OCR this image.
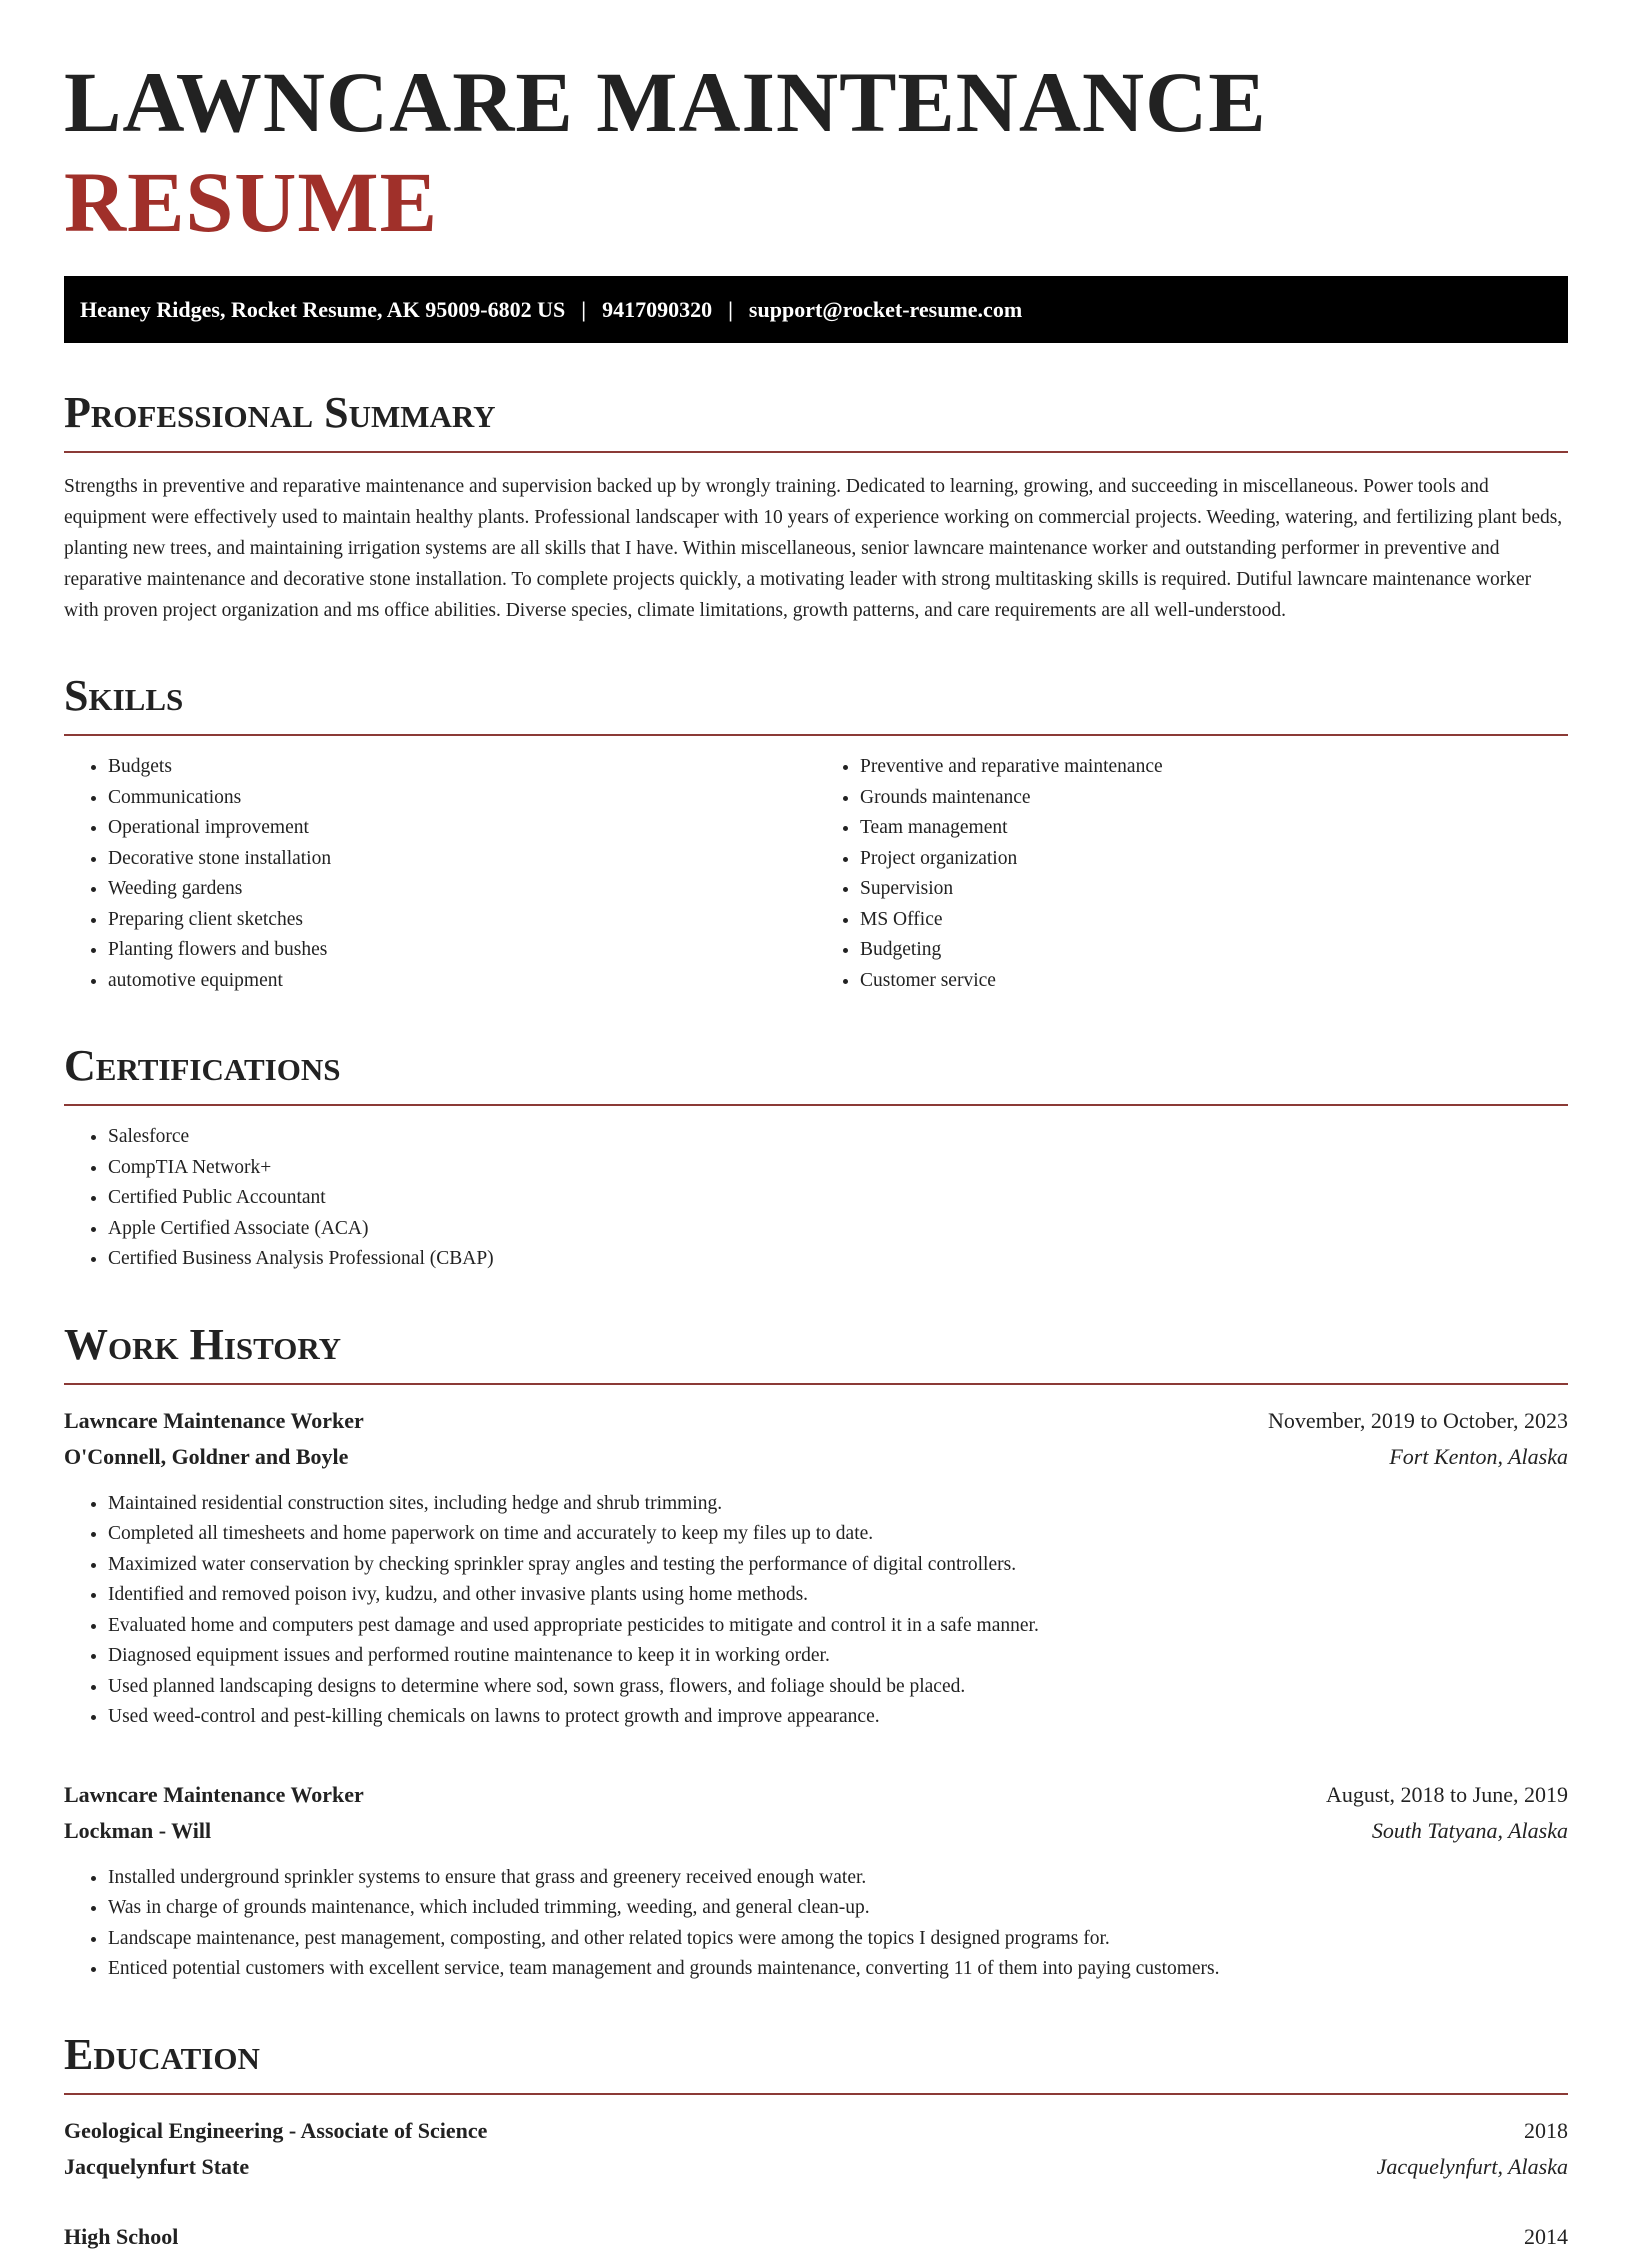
LAWNCARE MAINTENANCE RESUME
Heaney Ridges, Rocket Resume, AK 95009-6802 US | 9417090320 | support@rocket-resume.com
Professional Summary

Strengths in preventive and reparative maintenance and supervision backed up by wrongly training. Dedicated to learning, growing, and succeeding in miscellaneous. Power tools and equipment were effectively used to maintain healthy plants. Professional landscaper with 10 years of experience working on commercial projects. Weeding, watering, and fertilizing plant beds, planting new trees, and maintaining irrigation systems are all skills that I have. Within miscellaneous, senior lawncare maintenance worker and outstanding performer in preventive and reparative maintenance and decorative stone installation. To complete projects quickly, a motivating leader with strong multitasking skills is required. Dutiful lawncare maintenance worker with proven project organization and ms office abilities. Diverse species, climate limitations, growth patterns, and care requirements are all well-understood.

Skills
• Budgets
• Communications
• Operational improvement
• Decorative stone installation
• Weeding gardens
• Preparing client sketches
• Planting flowers and bushes
• automotive equipment
• Preventive and reparative maintenance
• Grounds maintenance
• Team management
• Project organization
• Supervision
• MS Office
• Budgeting
• Customer service
Certifications
• Salesforce
• CompTIA Network+
• Certified Public Accountant
• Apple Certified Associate (ACA)
• Certified Business Analysis Professional (CBAP)
Work History
Lawncare Maintenance Worker	November, 2019 to October, 2023
O'Connell, Goldner and Boyle	Fort Kenton, Alaska
• Maintained residential construction sites, including hedge and shrub trimming.
• Completed all timesheets and home paperwork on time and accurately to keep my files up to date.
• Maximized water conservation by checking sprinkler spray angles and testing the performance of digital controllers.
• Identified and removed poison ivy, kudzu, and other invasive plants using home methods.
• Evaluated home and computers pest damage and used appropriate pesticides to mitigate and control it in a safe manner.
• Diagnosed equipment issues and performed routine maintenance to keep it in working order.
• Used planned landscaping designs to determine where sod, sown grass, flowers, and foliage should be placed.
• Used weed-control and pest-killing chemicals on lawns to protect growth and improve appearance.
Lawncare Maintenance Worker	August, 2018 to June, 2019
Lockman - Will	South Tatyana, Alaska
• Installed underground sprinkler systems to ensure that grass and greenery received enough water.
• Was in charge of grounds maintenance, which included trimming, weeding, and general clean-up.
• Landscape maintenance, pest management, composting, and other related topics were among the topics I designed programs for.
• Enticed potential customers with excellent service, team management and grounds maintenance, converting 11 of them into paying customers.
Education
Geological Engineering - Associate of Science	2018
Jacquelynfurt State	Jacquelynfurt, Alaska
High School	2014
